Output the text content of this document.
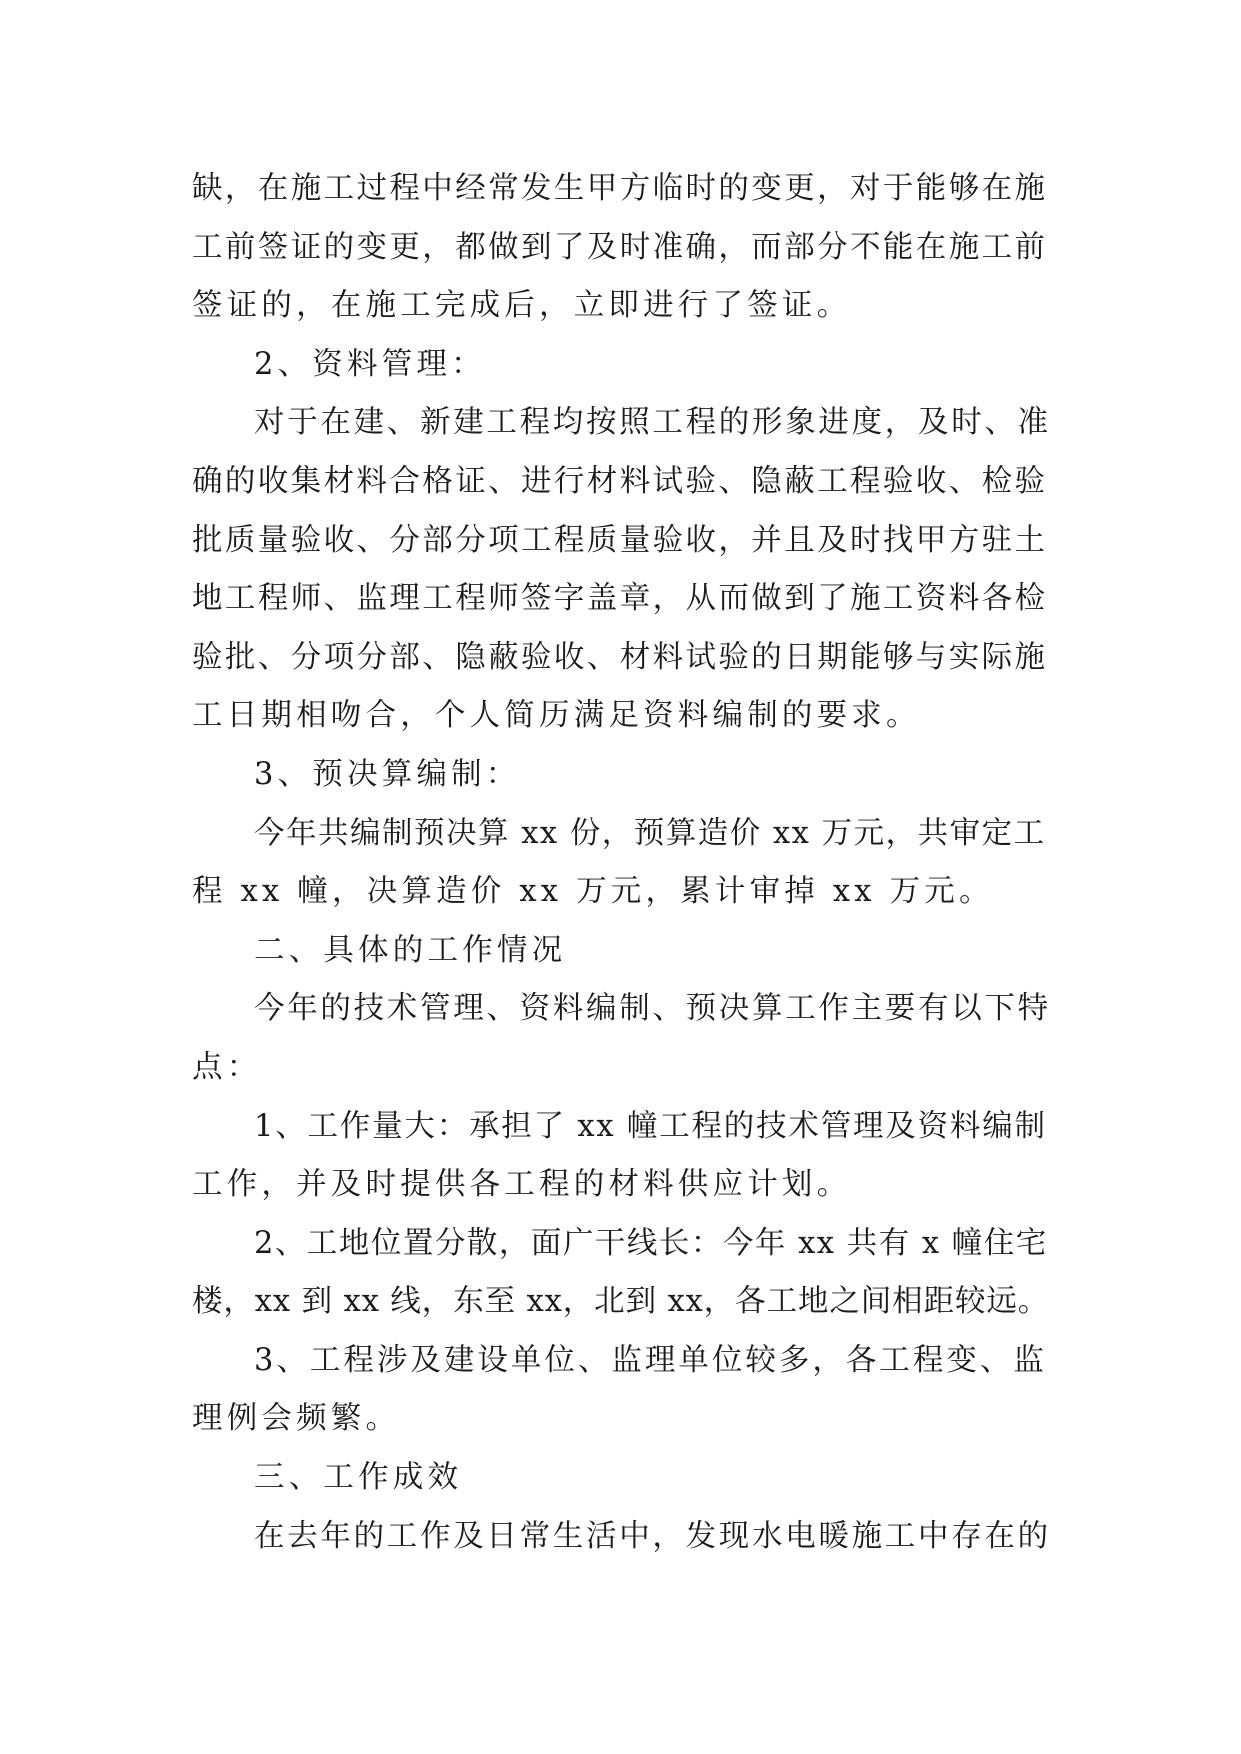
缺，在施工过程中经常发生甲方临时的变更，对于能够在施
工前签证的变更，都做到了及时准确，而部分不能在施工前
签证的，在施工完成后，立即进行了签证。
2、资料管理：
对于在建、新建工程均按照工程的形象进度，及时、准
确的收集材料合格证、进行材料试验、隐蔽工程验收、检验
批质量验收、分部分项工程质量验收，并且及时找甲方驻土
地工程师、监理工程师签字盖章，从而做到了施工资料各检
验批、分项分部、隐蔽验收、材料试验的日期能够与实际施
工日期相吻合，个人简历满足资料编制的要求。
3、预决算编制：
今年共编制预决算 xx 份，预算造价 xx 万元，共审定工
程 xx 幢，决算造价 xx 万元，累计审掉 xx 万元。
二、具体的工作情况
今年的技术管理、资料编制、预决算工作主要有以下特
点：
1、工作量大：承担了 xx 幢工程的技术管理及资料编制
工作，并及时提供各工程的材料供应计划。
2、工地位置分散，面广干线长：今年 xx 共有 x 幢住宅
楼，xx 到 xx 线，东至 xx，北到 xx，各工地之间相距较远。
3、工程涉及建设单位、监理单位较多，各工程变、监
理例会频繁。
三、工作成效
在去年的工作及日常生活中，发现水电暖施工中存在的
